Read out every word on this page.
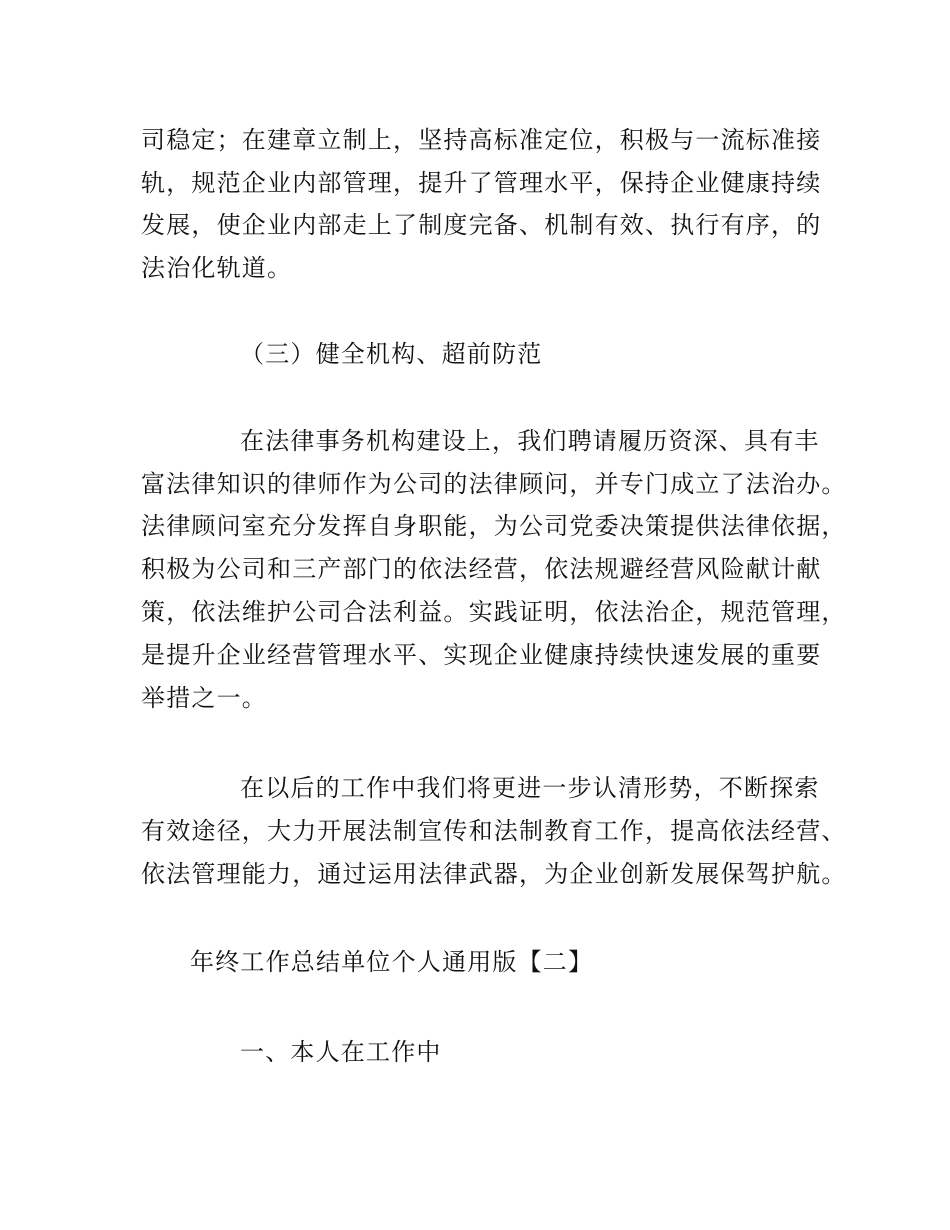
司稳定；在建章立制上，坚持高标准定位，积极与一流标准接

轨，规范企业内部管理，提升了管理水平，保持企业健康持续

发展，使企业内部走上了制度完备、机制有效、执行有序，的

法治化轨道。

（三）健全机构、超前防范

在法律事务机构建设上，我们聘请履历资深、具有丰

富法律知识的律师作为公司的法律顾问，并专门成立了法治办。

法律顾问室充分发挥自身职能，为公司党委决策提供法律依据，

积极为公司和三产部门的依法经营，依法规避经营风险献计献

策，依法维护公司合法利益。实践证明，依法治企，规范管理，

是提升企业经营管理水平、实现企业健康持续快速发展的重要

举措之一。

在以后的工作中我们将更进一步认清形势，不断探索

有效途径，大力开展法制宣传和法制教育工作，提高依法经营、

依法管理能力，通过运用法律武器，为企业创新发展保驾护航。

年终工作总结单位个人通用版【二】

一、本人在工作中
